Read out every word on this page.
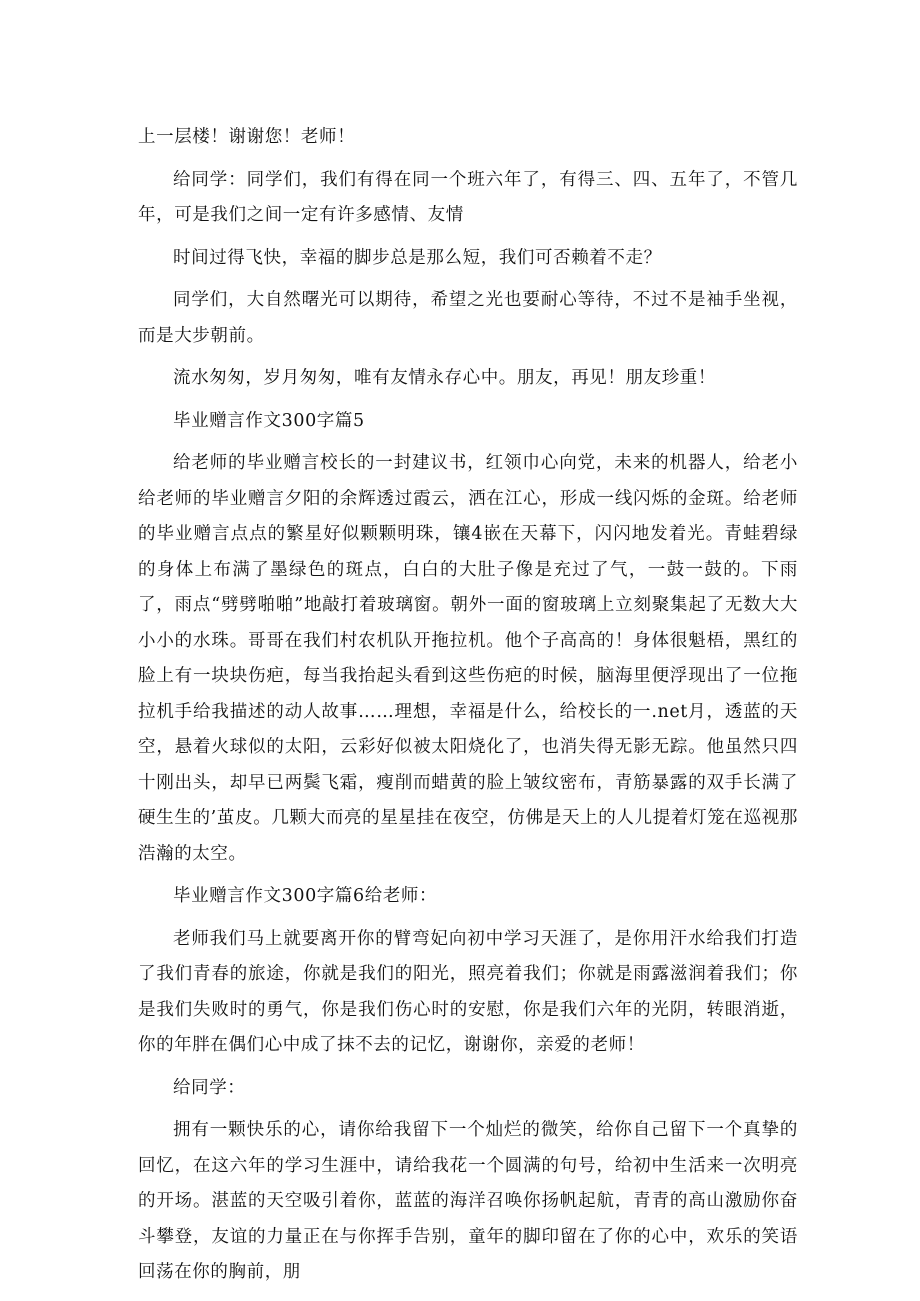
上一层楼！谢谢您！老师！

给同学：同学们，我们有得在同一个班六年了，有得三、四、五年了，不管几年，可是我们之间一定有许多感情、友情

时间过得飞快，幸福的脚步总是那么短，我们可否赖着不走？

同学们，大自然曙光可以期待，希望之光也要耐心等待，不过不是袖手坐视，而是大步朝前。

流水匆匆，岁月匆匆，唯有友情永存心中。朋友，再见！朋友珍重！

毕业赠言作文300字篇5

给老师的毕业赠言校长的一封建议书，红领巾心向党，未来的机器人，给老小给老师的毕业赠言夕阳的余辉透过霞云，洒在江心，形成一线闪烁的金斑。给老师的毕业赠言点点的繁星好似颗颗明珠，镶4嵌在天幕下，闪闪地发着光。青蛙碧绿的身体上布满了墨绿色的斑点，白白的大肚子像是充过了气，一鼓一鼓的。下雨了，雨点“劈劈啪啪”地敲打着玻璃窗。朝外一面的窗玻璃上立刻聚集起了无数大大小小的水珠。哥哥在我们村农机队开拖拉机。他个子高高的！身体很魁梧，黑红的脸上有一块块伤疤，每当我抬起头看到这些伤疤的时候，脑海里便浮现出了一位拖拉机手给我描述的动人故事……理想，幸福是什么，给校长的一.net月，透蓝的天空，悬着火球似的太阳，云彩好似被太阳烧化了，也消失得无影无踪。他虽然只四十刚出头，却早已两鬓飞霜，瘦削而蜡黄的脸上皱纹密布，青筋暴露的双手长满了硬生生的’茧皮。几颗大而亮的星星挂在夜空，仿佛是天上的人儿提着灯笼在巡视那浩瀚的太空。

毕业赠言作文300字篇6给老师：

老师我们马上就要离开你的臂弯妃向初中学习天涯了，是你用汗水给我们打造了我们青春的旅途，你就是我们的阳光，照亮着我们；你就是雨露滋润着我们；你是我们失败时的勇气，你是我们伤心时的安慰，你是我们六年的光阴，转眼消逝，你的年胖在偶们心中成了抹不去的记忆，谢谢你，亲爱的老师！

给同学：

拥有一颗快乐的心，请你给我留下一个灿烂的微笑，给你自己留下一个真挚的回忆，在这六年的学习生涯中，请给我花一个圆满的句号，给初中生活来一次明亮的开场。湛蓝的天空吸引着你，蓝蓝的海洋召唤你扬帆起航，青青的高山激励你奋斗攀登，友谊的力量正在与你挥手告别，童年的脚印留在了你的心中，欢乐的笑语回荡在你的胸前，朋
